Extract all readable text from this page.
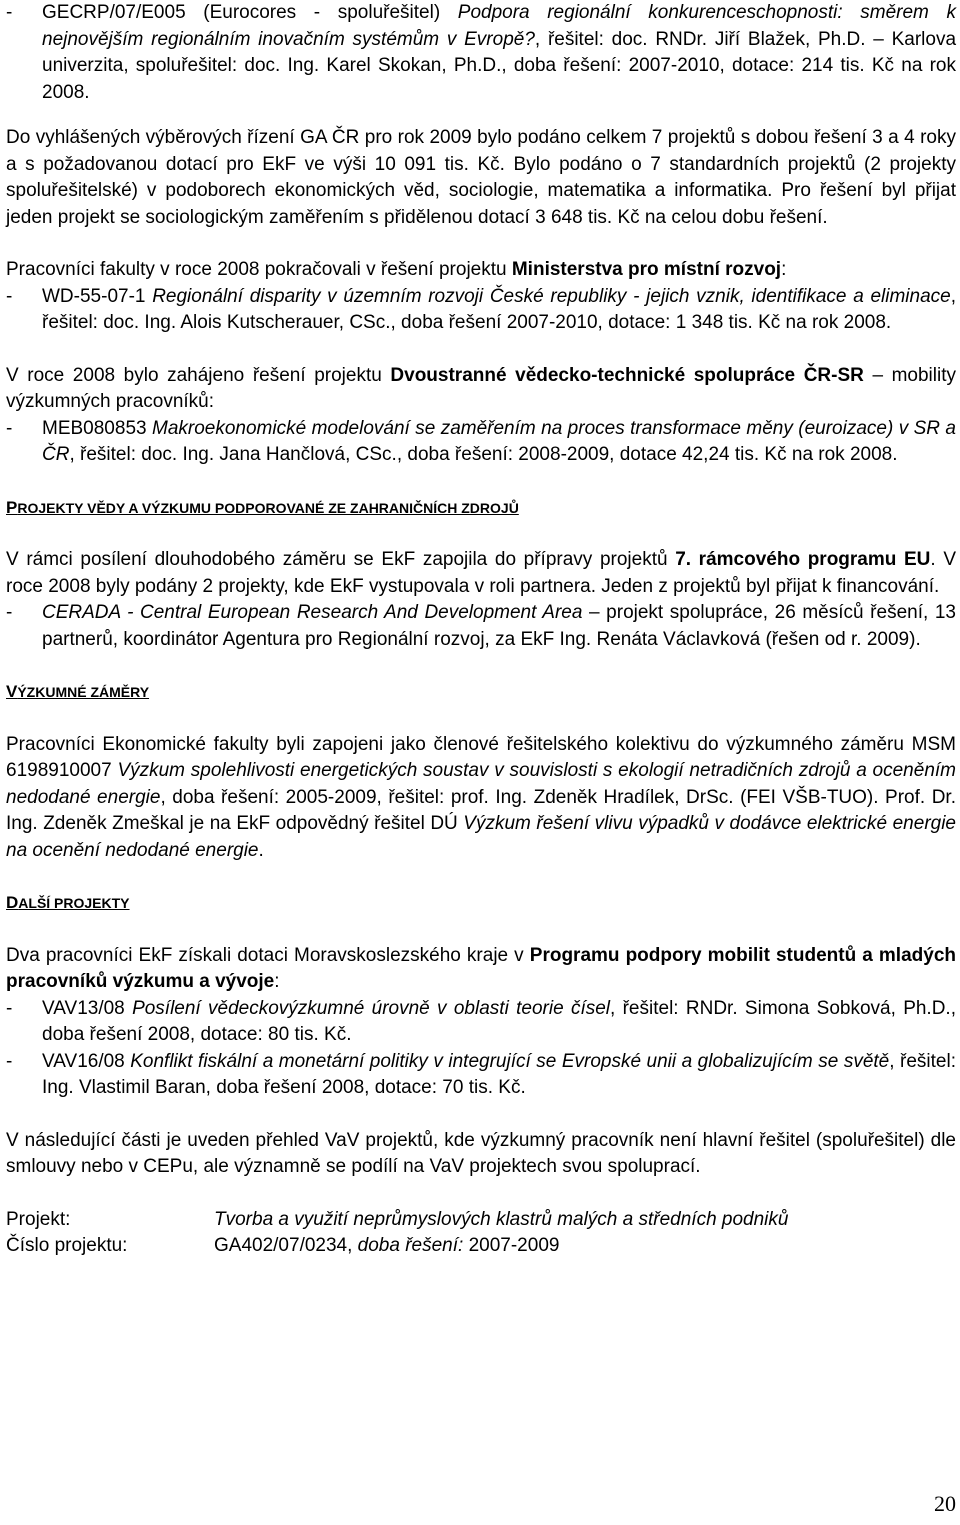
-	GECRP/07/E005 (Eurocores - spoluřešitel) Podpora regionální konkurenceschopnosti: směrem k nejnovějším regionálním inovačním systémům v Evropě?, řešitel: doc. RNDr. Jiří Blažek, Ph.D. – Karlova univerzita, spoluřešitel: doc. Ing. Karel Skokan, Ph.D., doba řešení: 2007-2010, dotace: 214 tis. Kč na rok 2008.

Do vyhlášených výběrových řízení GA ČR pro rok 2009 bylo podáno celkem 7 projektů s dobou řešení 3 a 4 roky a s požadovanou dotací pro EkF ve výši 10 091 tis. Kč. Bylo podáno o 7 standardních projektů (2 projekty spoluřešitelské) v podoborech ekonomických věd, sociologie, matematika a informatika. Pro řešení byl přijat jeden projekt se sociologickým zaměřením s přidělenou dotací 3 648 tis. Kč na celou dobu řešení.

Pracovníci fakulty v roce 2008 pokračovali v řešení projektu Ministerstva pro místní rozvoj:

-	WD-55-07-1 Regionální disparity v územním rozvoji České republiky - jejich vznik, identifikace a eliminace, řešitel: doc. Ing. Alois Kutscherauer, CSc., doba řešení 2007-2010, dotace: 1 348 tis. Kč na rok 2008.

V roce 2008 bylo zahájeno řešení projektu Dvoustranné vědecko-technické spolupráce ČR-SR – mobility výzkumných pracovníků:

-	MEB080853 Makroekonomické modelování se zaměřením na proces transformace měny (euroizace) v SR a ČR, řešitel: doc. Ing. Jana Hančlová, CSc., doba řešení: 2008-2009, dotace 42,24 tis. Kč na rok 2008.
PROJEKTY VĚDY A VÝZKUMU PODPOROVANÉ ZE ZAHRANIČNÍCH ZDROJŮ

V rámci posílení dlouhodobého záměru se EkF zapojila do přípravy projektů 7. rámcového programu EU. V roce 2008 byly podány 2 projekty, kde EkF vystupovala v roli partnera. Jeden z projektů byl přijat k financování.

-	CERADA - Central European Research And Development Area – projekt spolupráce, 26 měsíců řešení, 13 partnerů, koordinátor Agentura pro Regionální rozvoj, za EkF Ing. Renáta Václavková (řešen od r. 2009).
VÝZKUMNÉ ZÁMĚRY

Pracovníci Ekonomické fakulty byli zapojeni jako členové řešitelského kolektivu do výzkumného záměru MSM 6198910007 Výzkum spolehlivosti energetických soustav v souvislosti s ekologií netradičních zdrojů a oceněním nedodané energie, doba řešení: 2005-2009, řešitel: prof. Ing. Zdeněk Hradílek, DrSc. (FEI VŠB-TUO). Prof. Dr. Ing. Zdeněk Zmeškal je na EkF odpovědný řešitel DÚ Výzkum řešení vlivu výpadků v dodávce elektrické energie na ocenění nedodané energie.

DALŠÍ PROJEKTY

Dva pracovníci EkF získali dotaci Moravskoslezského kraje v Programu podpory mobilit studentů a mladých pracovníků výzkumu a vývoje:

-	VAV13/08 Posílení vědeckovýzkumné úrovně v oblasti teorie čísel, řešitel: RNDr. Simona Sobková, Ph.D., doba řešení 2008, dotace: 80 tis. Kč.
-	VAV16/08 Konflikt fiskální a monetární politiky v integrující se Evropské unii a globalizujícím se světě, řešitel: Ing. Vlastimil Baran, doba řešení 2008, dotace: 70 tis. Kč.

V následující části je uveden přehled VaV projektů, kde výzkumný pracovník není hlavní řešitel (spoluřešitel) dle smlouvy nebo v CEPu, ale významně se podílí na VaV projektech svou spoluprací.

Projekt:	Tvorba a využití neprůmyslových klastrů malých a středních podniků
Číslo projektu:	GA402/07/0234, doba řešení: 2007-2009
20
